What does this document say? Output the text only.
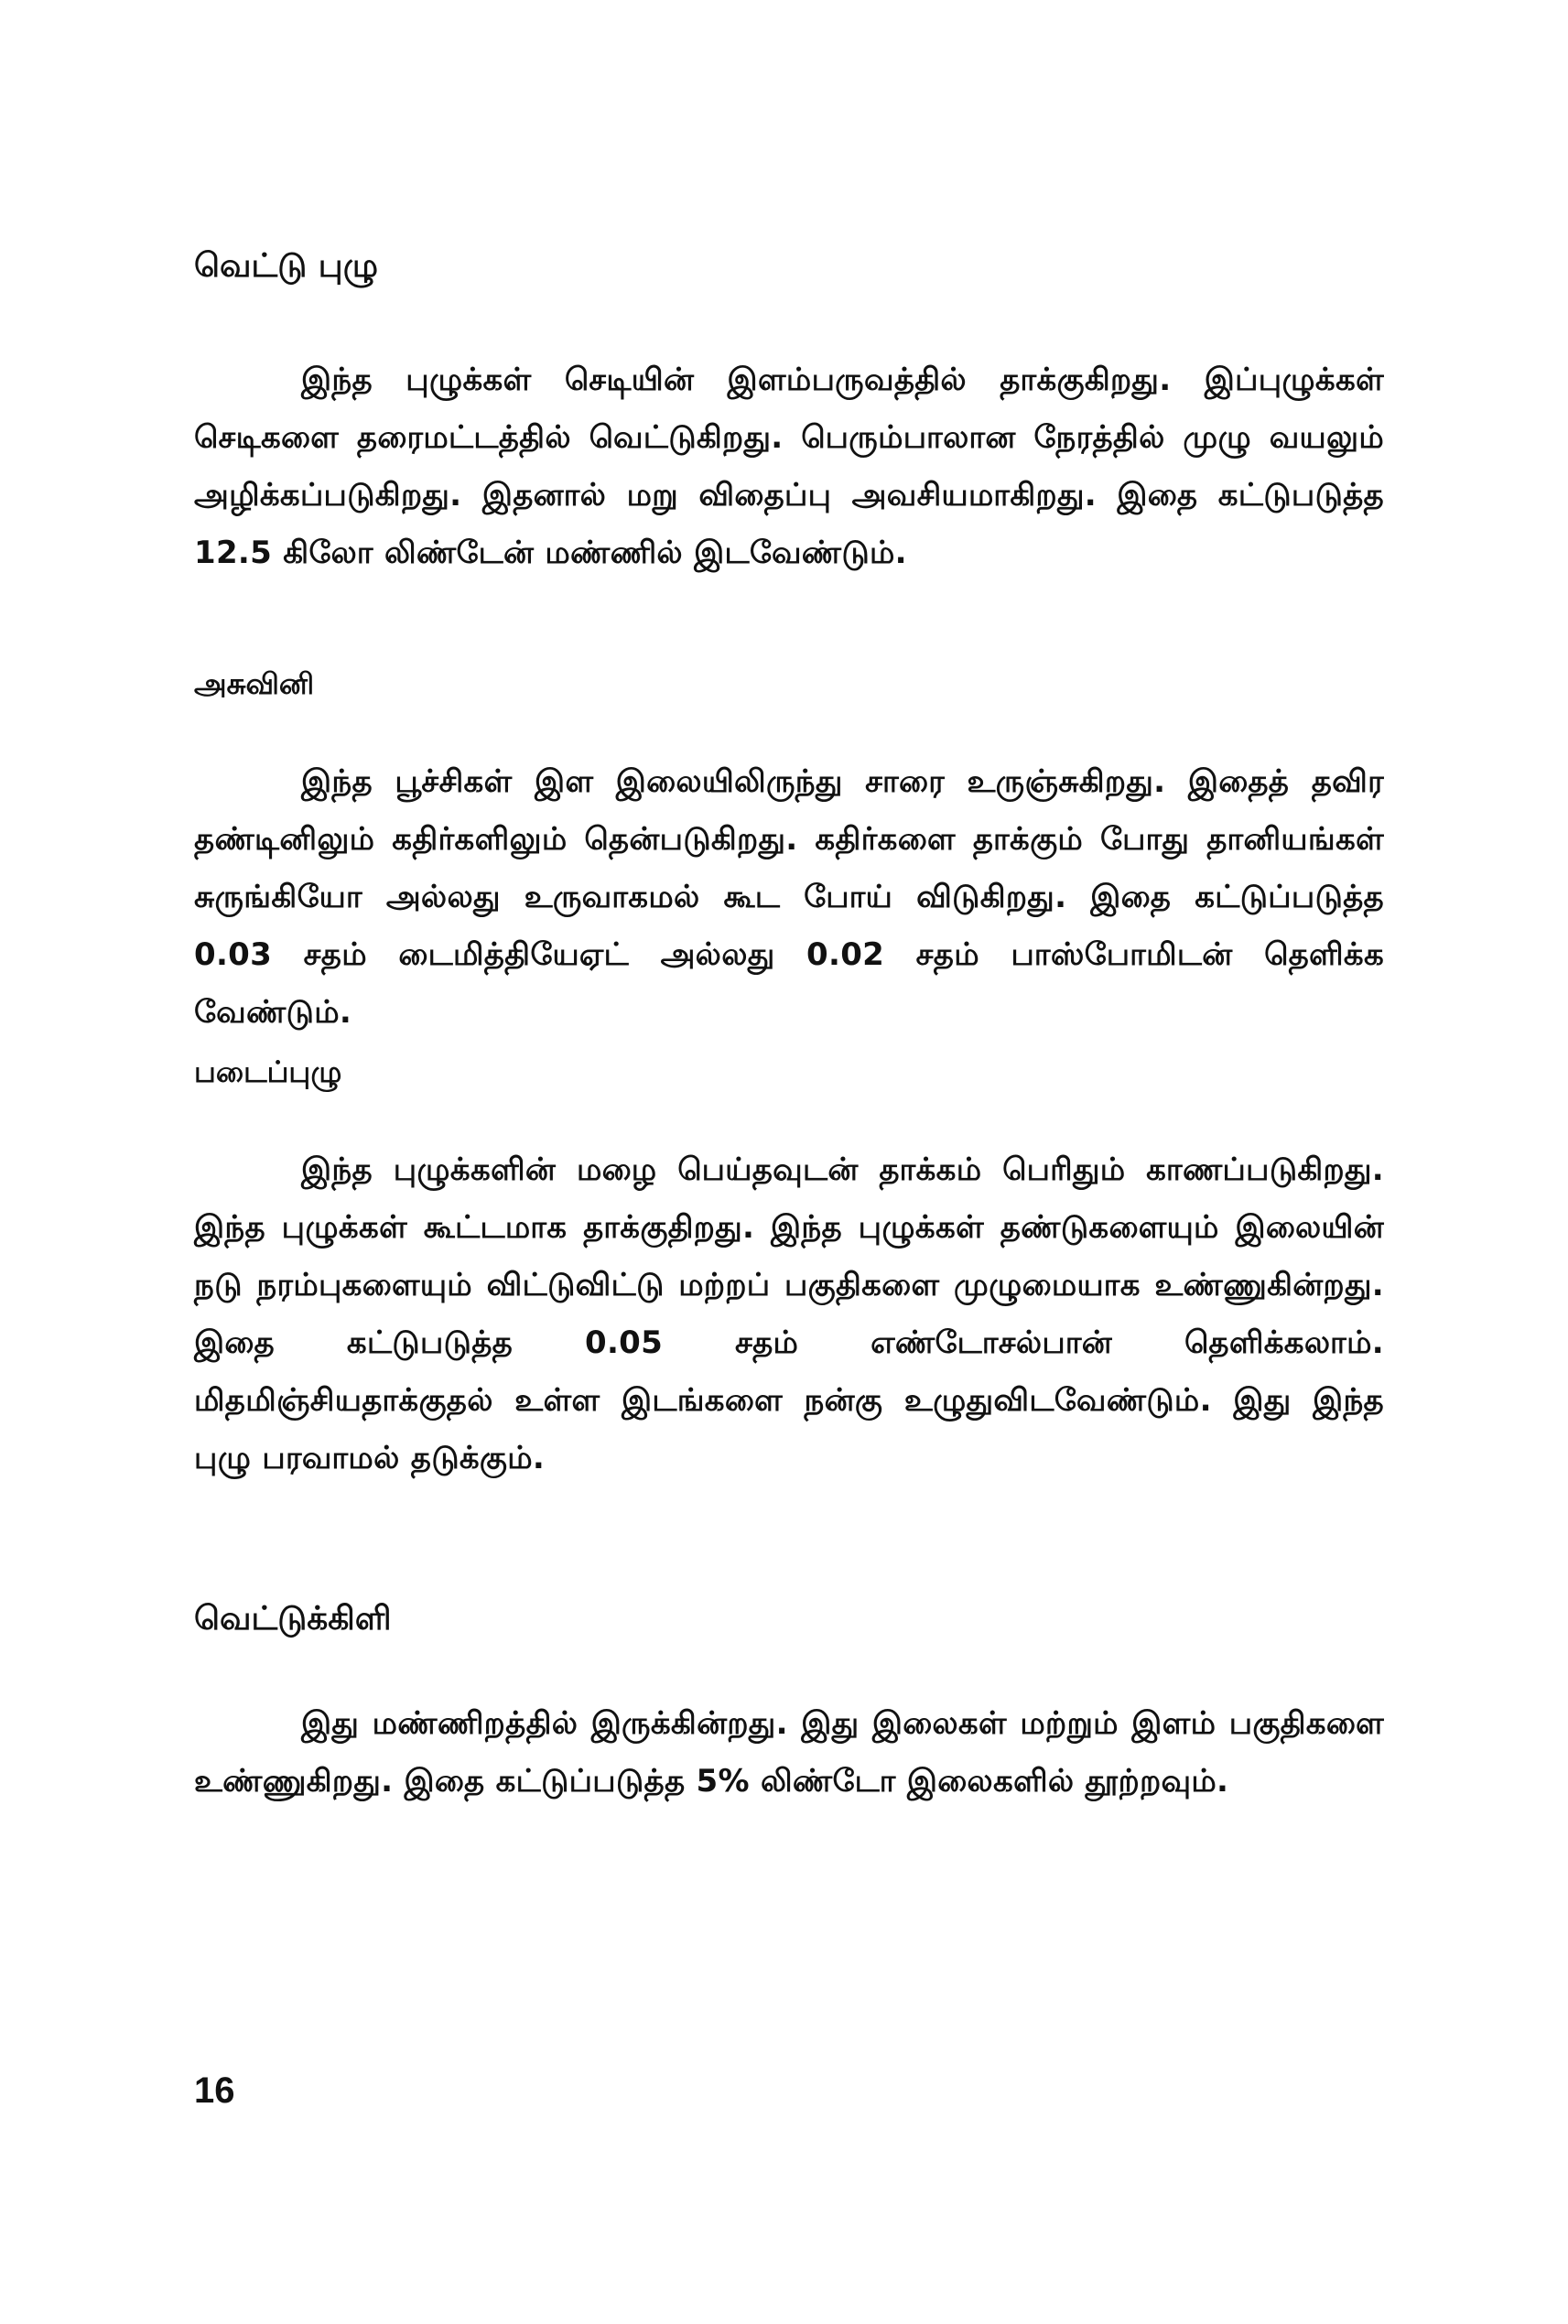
வெட்டு புழு

இந்த புழுக்கள் செடியின் இளம்பருவத்தில் தாக்குகிறது. இப்புழுக்கள் செடிகளை தரைமட்டத்தில் வெட்டுகிறது. பெரும்பாலான நேரத்தில் முழு வயலும் அழிக்கப்படுகிறது. இதனால் மறு விதைப்பு அவசியமாகிறது. இதை கட்டுபடுத்த 12.5 கிலோ லிண்டேன் மண்ணில் இடவேண்டும்.

அசுவினி

இந்த பூச்சிகள் இள இலையிலிருந்து சாரை உருஞ்சுகிறது. இதைத் தவிர தண்டினிலும் கதிர்களிலும் தென்படுகிறது. கதிர்களை தாக்கும் போது தானியங்கள் சுருங்கியோ அல்லது உருவாகமல் கூட போய் விடுகிறது. இதை கட்டுப்படுத்த 0.03 சதம் டைமித்தியேஏட் அல்லது 0.02 சதம் பாஸ்போமிடன் தெளிக்க வேண்டும்.

படைப்புழு

இந்த புழுக்களின் மழை பெய்தவுடன் தாக்கம் பெரிதும் காணப்படுகிறது. இந்த புழுக்கள் கூட்டமாக தாக்குதிறது. இந்த புழுக்கள் தண்டுகளையும் இலையின் நடு நரம்புகளையும் விட்டுவிட்டு மற்றப் பகுதிகளை முழுமையாக உண்ணுகின்றது. இதை கட்டுபடுத்த 0.05 சதம் எண்டோசல்பான் தெளிக்கலாம். மிதமிஞ்சியதாக்குதல் உள்ள இடங்களை நன்கு உழுதுவிடவேண்டும். இது இந்த புழு பரவாமல் தடுக்கும்.

வெட்டுக்கிளி

இது மண்ணிறத்தில் இருக்கின்றது. இது இலைகள் மற்றும் இளம் பகுதிகளை உண்ணுகிறது. இதை கட்டுப்படுத்த 5% லிண்டோ இலைகளில் தூற்றவும்.

16
